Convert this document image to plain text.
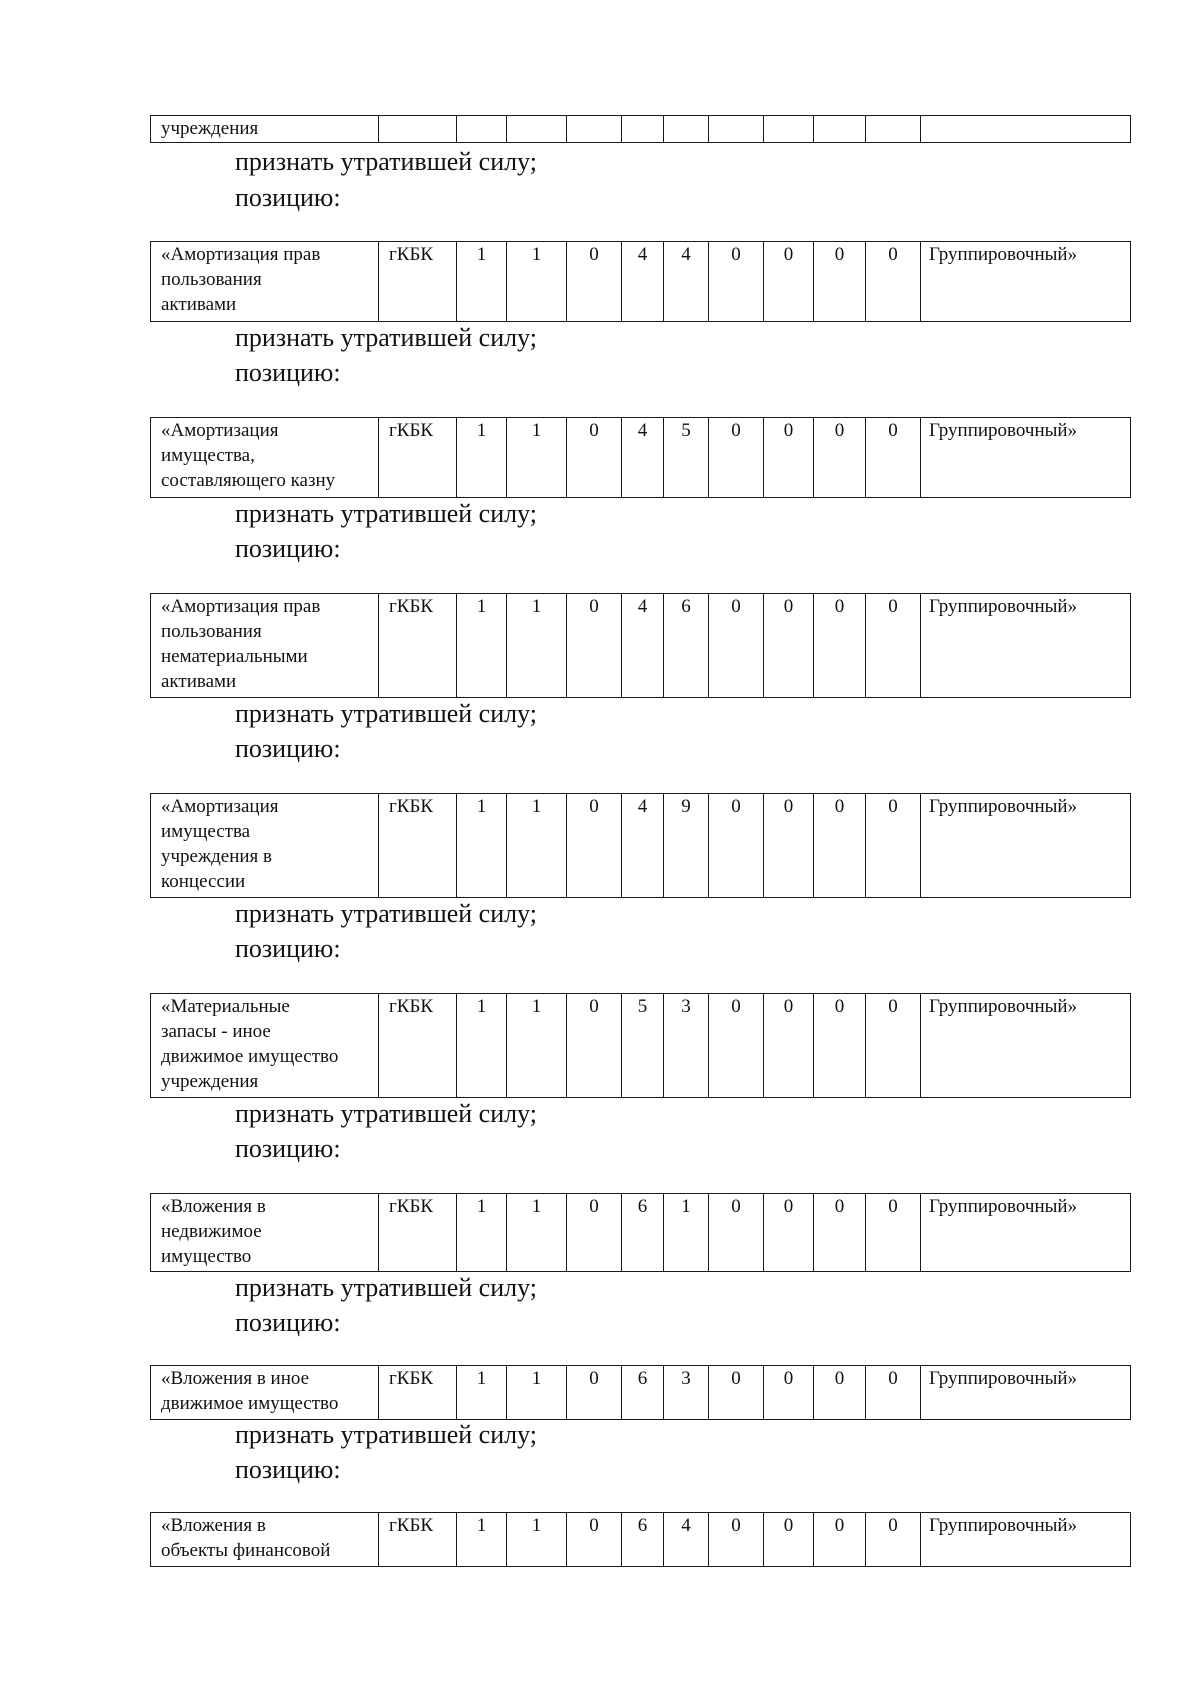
учреждения											

признать утратившей силу;

позицию:

«Амортизация прав
пользования
активами
	гКБК	1	1	0	4	4	0	0	0	0	Группировочный»

признать утратившей силу;

позицию:

«Амортизация
имущества,
составляющего казну
	гКБК	1	1	0	4	5	0	0	0	0	Группировочный»

признать утратившей силу;

позицию:

«Амортизация прав
пользования
нематериальными
активами
	гКБК	1	1	0	4	6	0	0	0	0	Группировочный»

признать утратившей силу;

позицию:

«Амортизация
имущества
учреждения в
концессии
	гКБК	1	1	0	4	9	0	0	0	0	Группировочный»

признать утратившей силу;

позицию:

«Материальные
запасы - иное
движимое имущество
учреждения
	гКБК	1	1	0	5	3	0	0	0	0	Группировочный»

признать утратившей силу;

позицию:

«Вложения в
недвижимое
имущество
	гКБК	1	1	0	6	1	0	0	0	0	Группировочный»

признать утратившей силу;

позицию:

«Вложения в иное
движимое имущество
	гКБК	1	1	0	6	3	0	0	0	0	Группировочный»

признать утратившей силу;

позицию:

«Вложения в
объекты финансовой
	гКБК	1	1	0	6	4	0	0	0	0	Группировочный»
